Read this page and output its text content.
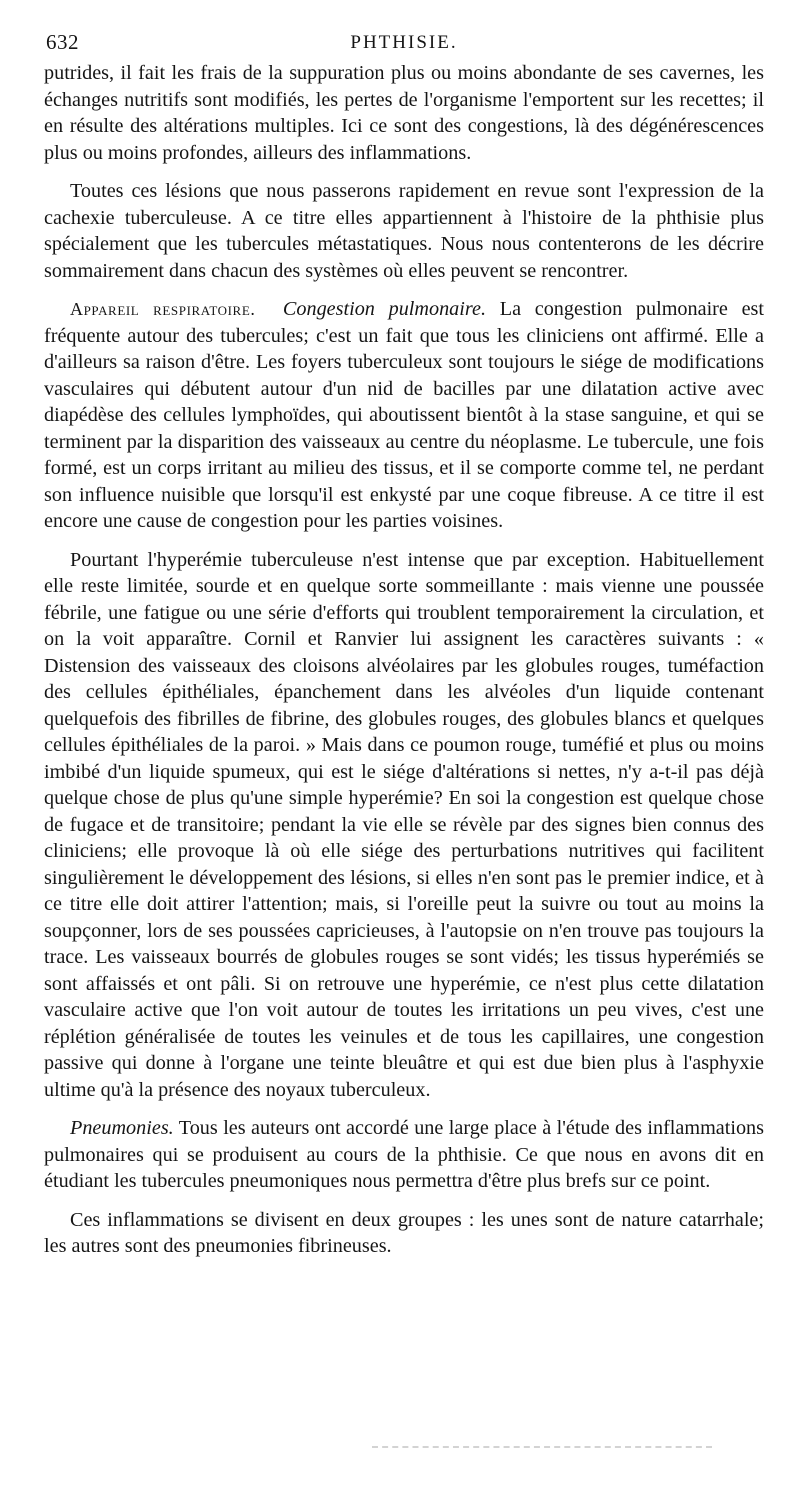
632	PHTHISIE.

putrides, il fait les frais de la suppuration plus ou moins abondante de ses cavernes, les échanges nutritifs sont modifiés, les pertes de l'organisme l'emportent sur les recettes; il en résulte des altérations multiples. Ici ce sont des congestions, là des dégénérescences plus ou moins profondes, ailleurs des inflammations.

Toutes ces lésions que nous passerons rapidement en revue sont l'expression de la cachexie tuberculeuse. A ce titre elles appartiennent à l'histoire de la phthisie plus spécialement que les tubercules métastatiques. Nous nous contenterons de les décrire sommairement dans chacun des systèmes où elles peuvent se rencontrer.

Appareil respiratoire. Congestion pulmonaire. La congestion pulmonaire est fréquente autour des tubercules; c'est un fait que tous les cliniciens ont affirmé. Elle a d'ailleurs sa raison d'être. Les foyers tuberculeux sont toujours le siége de modifications vasculaires qui débutent autour d'un nid de bacilles par une dilatation active avec diapédèse des cellules lymphoïdes, qui aboutissent bientôt à la stase sanguine, et qui se terminent par la disparition des vaisseaux au centre du néoplasme. Le tubercule, une fois formé, est un corps irritant au milieu des tissus, et il se comporte comme tel, ne perdant son influence nuisible que lorsqu'il est enkysté par une coque fibreuse. A ce titre il est encore une cause de congestion pour les parties voisines.

Pourtant l'hyperémie tuberculeuse n'est intense que par exception. Habituellement elle reste limitée, sourde et en quelque sorte sommeillante : mais vienne une poussée fébrile, une fatigue ou une série d'efforts qui troublent temporairement la circulation, et on la voit apparaître. Cornil et Ranvier lui assignent les caractères suivants : « Distension des vaisseaux des cloisons alvéolaires par les globules rouges, tuméfaction des cellules épithéliales, épanchement dans les alvéoles d'un liquide contenant quelquefois des fibrilles de fibrine, des globules rouges, des globules blancs et quelques cellules épithéliales de la paroi. » Mais dans ce poumon rouge, tuméfié et plus ou moins imbibé d'un liquide spumeux, qui est le siége d'altérations si nettes, n'y a-t-il pas déjà quelque chose de plus qu'une simple hyperémie? En soi la congestion est quelque chose de fugace et de transitoire; pendant la vie elle se révèle par des signes bien connus des cliniciens; elle provoque là où elle siége des perturbations nutritives qui facilitent singulièrement le développement des lésions, si elles n'en sont pas le premier indice, et à ce titre elle doit attirer l'attention; mais, si l'oreille peut la suivre ou tout au moins la soupçonner, lors de ses poussées capricieuses, à l'autopsie on n'en trouve pas toujours la trace. Les vaisseaux bourrés de globules rouges se sont vidés; les tissus hyperémiés se sont affaissés et ont pâli. Si on retrouve une hyperémie, ce n'est plus cette dilatation vasculaire active que l'on voit autour de toutes les irritations un peu vives, c'est une réplétion généralisée de toutes les veinules et de tous les capillaires, une congestion passive qui donne à l'organe une teinte bleuâtre et qui est due bien plus à l'asphyxie ultime qu'à la présence des noyaux tuberculeux.

Pneumonies. Tous les auteurs ont accordé une large place à l'étude des inflammations pulmonaires qui se produisent au cours de la phthisie. Ce que nous en avons dit en étudiant les tubercules pneumoniques nous permettra d'être plus brefs sur ce point.

Ces inflammations se divisent en deux groupes : les unes sont de nature catarrhale; les autres sont des pneumonies fibrineuses.
